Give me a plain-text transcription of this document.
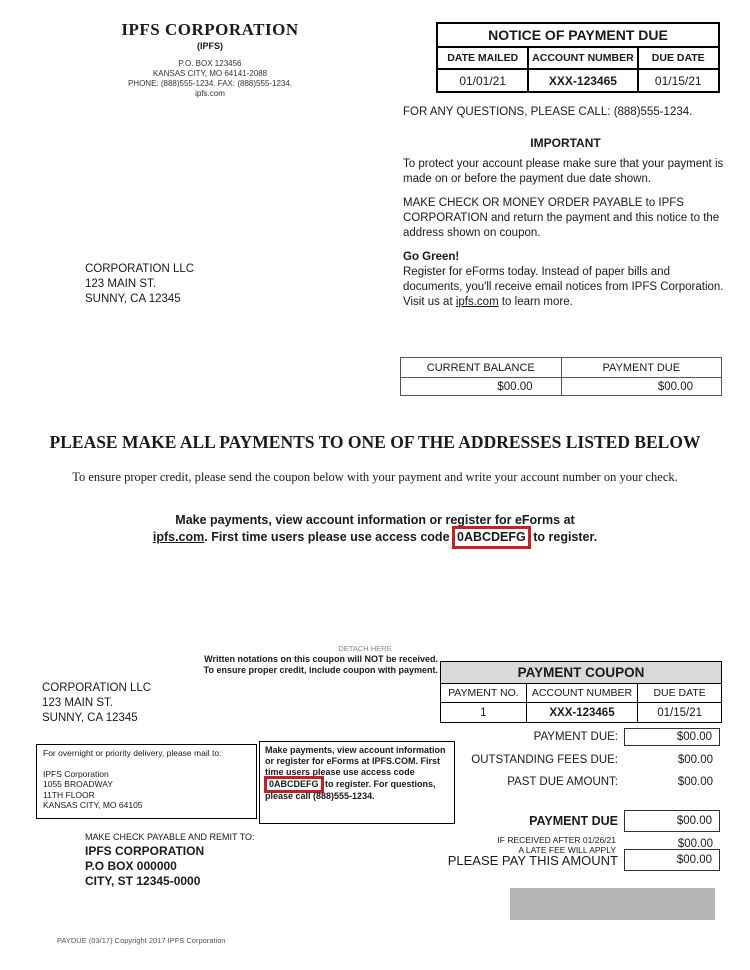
IPFS CORPORATION
(IPFS)
P.O. BOX 123456
KANSAS CITY, MO 64141-2088
PHONE: (888)555-1234. FAX: (888)555-1234.
ipfs.com
NOTICE OF PAYMENT DUE		
DATE MAILED	ACCOUNT NUMBER	DUE DATE
01/01/21	XXX-123465	01/15/21
FOR ANY QUESTIONS, PLEASE CALL: (888)555-1234.
IMPORTANT

To protect your account please make sure that your payment is made on or before the payment due date shown.

MAKE CHECK OR MONEY ORDER PAYABLE to IPFS CORPORATION and return the payment and this notice to the address shown on coupon.

Go Green!
Register for eForms today. Instead of paper bills and documents, you'll receive email notices from IPFS Corporation. Visit us at ipfs.com to learn more.
CORPORATION LLC
123 MAIN ST.
SUNNY, CA 12345
CURRENT BALANCE	PAYMENT DUE
$00.00	$00.00
PLEASE MAKE ALL PAYMENTS TO ONE OF THE ADDRESSES LISTED BELOW
To ensure proper credit, please send the coupon below with your payment and write your account number on your check.
Make payments, view account information or register for eForms at
ipfs.com. First time users please use access code 0ABCDEFG to register.
DETACH HERE
Written notations on this coupon will NOT be received.
To ensure proper credit, include coupon with payment.	PAYMENT COUPON		
PAYMENT NO.	ACCOUNT NUMBER	DUE DATE
1	XXX-123465	01/15/21
CORPORATION LLC
123 MAIN ST.
SUNNY, CA 12345
For overnight or priority delivery, please mail to:
IPFS Corporation
1055 BROADWAY
11TH FLOOR
KANSAS CITY, MO 64105
Make payments, view account information or register for eForms at IPFS.COM. First time users please use access code 0ABCDEFG to register. For questions, please call (888)555-1234.
PAYMENT DUE:	$00.00
OUTSTANDING FEES DUE:	$00.00
PAST DUE AMOUNT:	$00.00
MAKE CHECK PAYABLE AND REMIT TO:
IPFS CORPORATION
P.O BOX 000000
CITY, ST 12345-0000
PAYMENT DUE	$00.00
IF RECEIVED AFTER 01/26/21
A LATE FEE WILL APPLY	$00.00
PLEASE PAY THIS AMOUNT	$00.00
PAYDUE (03/17) Copyright 2017 IPFS Corporation
